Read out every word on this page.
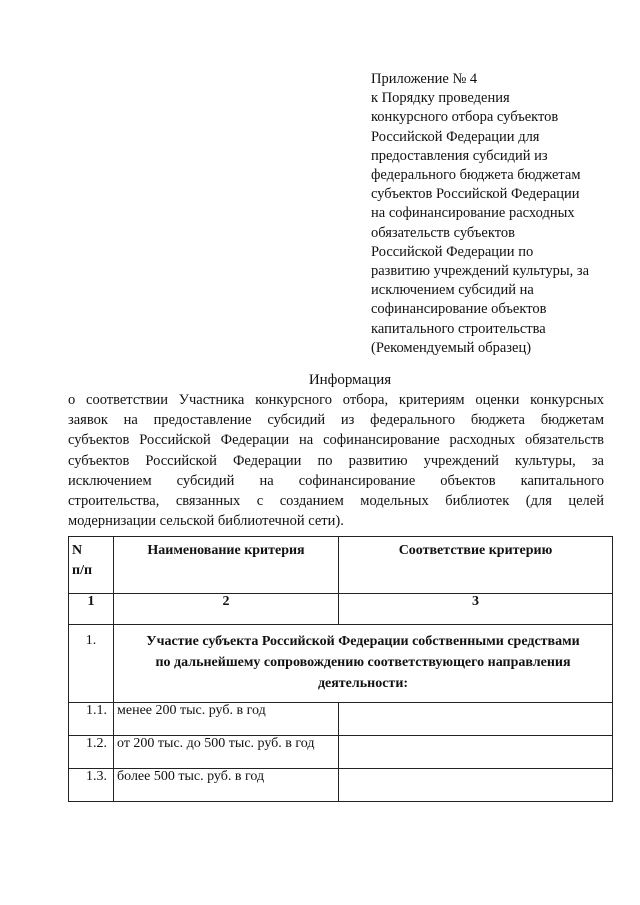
Приложение № 4
к Порядку проведения
конкурсного отбора субъектов
Российской Федерации для
предоставления субсидий из
федерального бюджета бюджетам
субъектов Российской Федерации
на софинансирование расходных
обязательств субъектов
Российской Федерации по
развитию учреждений культуры, за
исключением субсидий на
софинансирование объектов
капитального строительства
(Рекомендуемый образец)
Информация
о соответствии Участника конкурсного отбора, критериям оценки конкурсных
заявок на предоставление субсидий из федерального бюджета бюджетам
субъектов Российской Федерации на софинансирование расходных обязательств
субъектов Российской Федерации по развитию учреждений культуры, за
исключением субсидий на софинансирование объектов капитального
строительства, связанных с созданием модельных библиотек (для целей
модернизации сельской библиотечной сети).
N
п/п	Наименование критерия	Соответствие критерию
1	2	3
1.	Участие субъекта Российской Федерации собственными средствами
по дальнейшему сопровождению соответствующего направления
деятельности:	

1.1.	менее 200 тыс. руб. в год	
1.2.	от 200 тыс. до 500 тыс. руб. в год	
1.3.	более 500 тыс. руб. в год	
